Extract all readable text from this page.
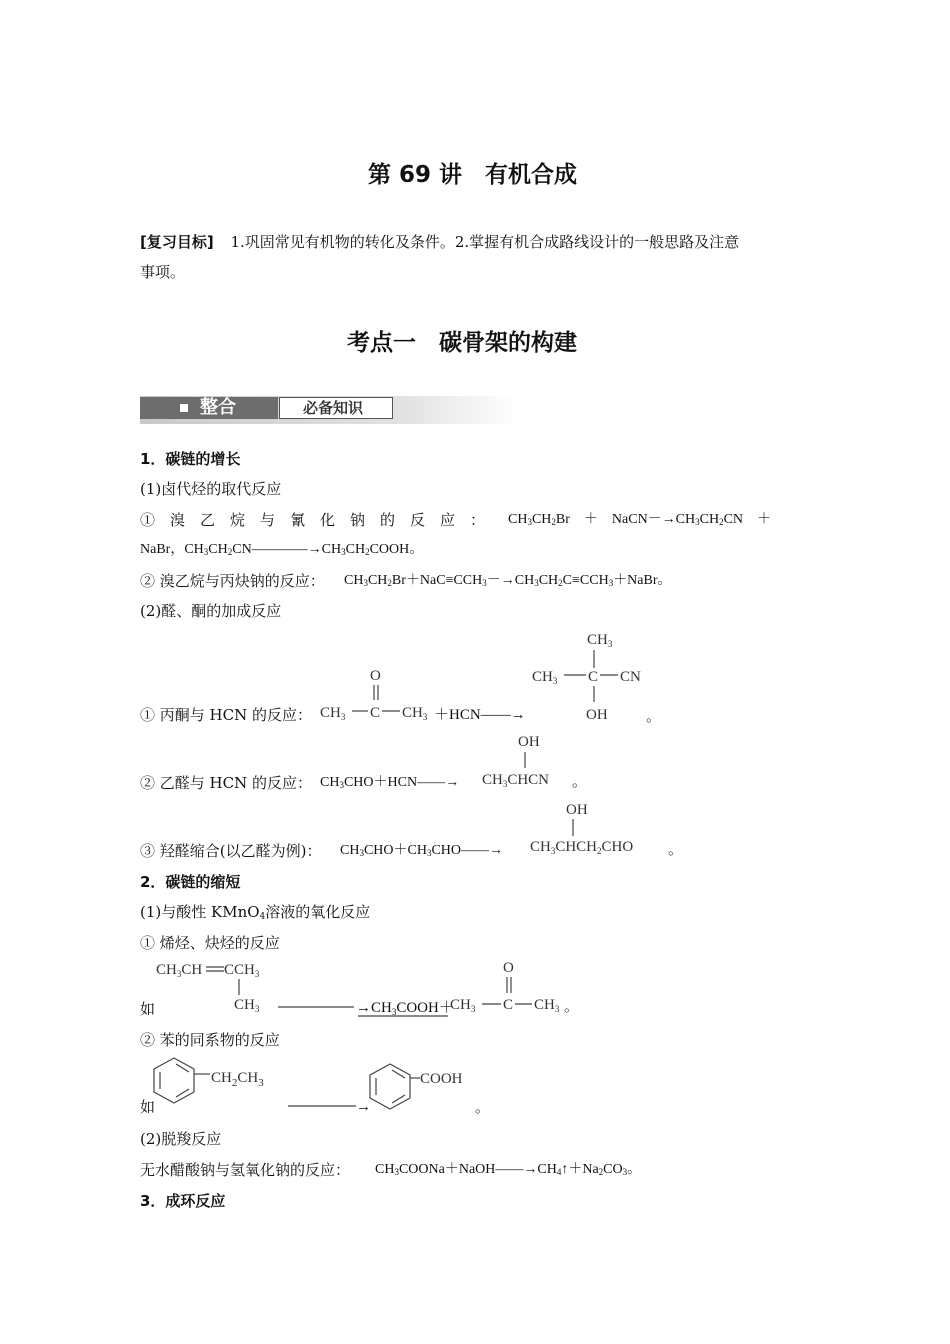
第 69 讲　有机合成
[复习目标] 1.巩固常见有机物的转化及条件。2.掌握有机合成路线设计的一般思路及注意
事项。
考点一　碳骨架的构建
整合	必备知识
1．碳链的增长
(1)卤代烃的取代反应
①　溴　乙　烷　与　氰　化　钠　的　反　应　： $CH_3CH_2Br$　＋　$NaCN-\to CH_3CH_2CN$　＋
NaBr，$CH_3CH_2CN――――\to CH_3CH_2COOH$。
② 溴乙烷与丙炔钠的反应： $CH_3CH_2Br+NaC\equiv CCH_3-\to CH_3CH_2C\equiv CCH_3+NaBr$。
(2)醛、酮的加成反应
① 丙酮与 HCN 的反应：
O
$CH_3$ C $CH_3$ ＋HCN――→
$CH_3$
$CH_3$ C CN
OH	。
② 乙醛与 HCN 的反应： $CH_3CHO+HCN――\to$
OH
$CH_3CHCN$ 。
③ 羟醛缩合(以乙醛为例)： $CH_3CHO+CH_3CHO――\to$
OH
$CH_3CHCH_2CHO$ 。
2．碳链的缩短
(1)与酸性 KMnO$_4$溶液的氧化反应
① 烯烃、炔烃的反应
如
$CH_3CH$ $CCH_3$
$CH_3$	$\to CH_3COOH+$
O
$CH_3$ C $CH_3$ 。
② 苯的同系物的反应
如
$CH_2CH_3$
→
COOH
。
(2)脱羧反应
无水醋酸钠与氢氧化钠的反应： $CH_3COONa+NaOH――\to CH_4↑+Na_2CO_3$。
3．成环反应
